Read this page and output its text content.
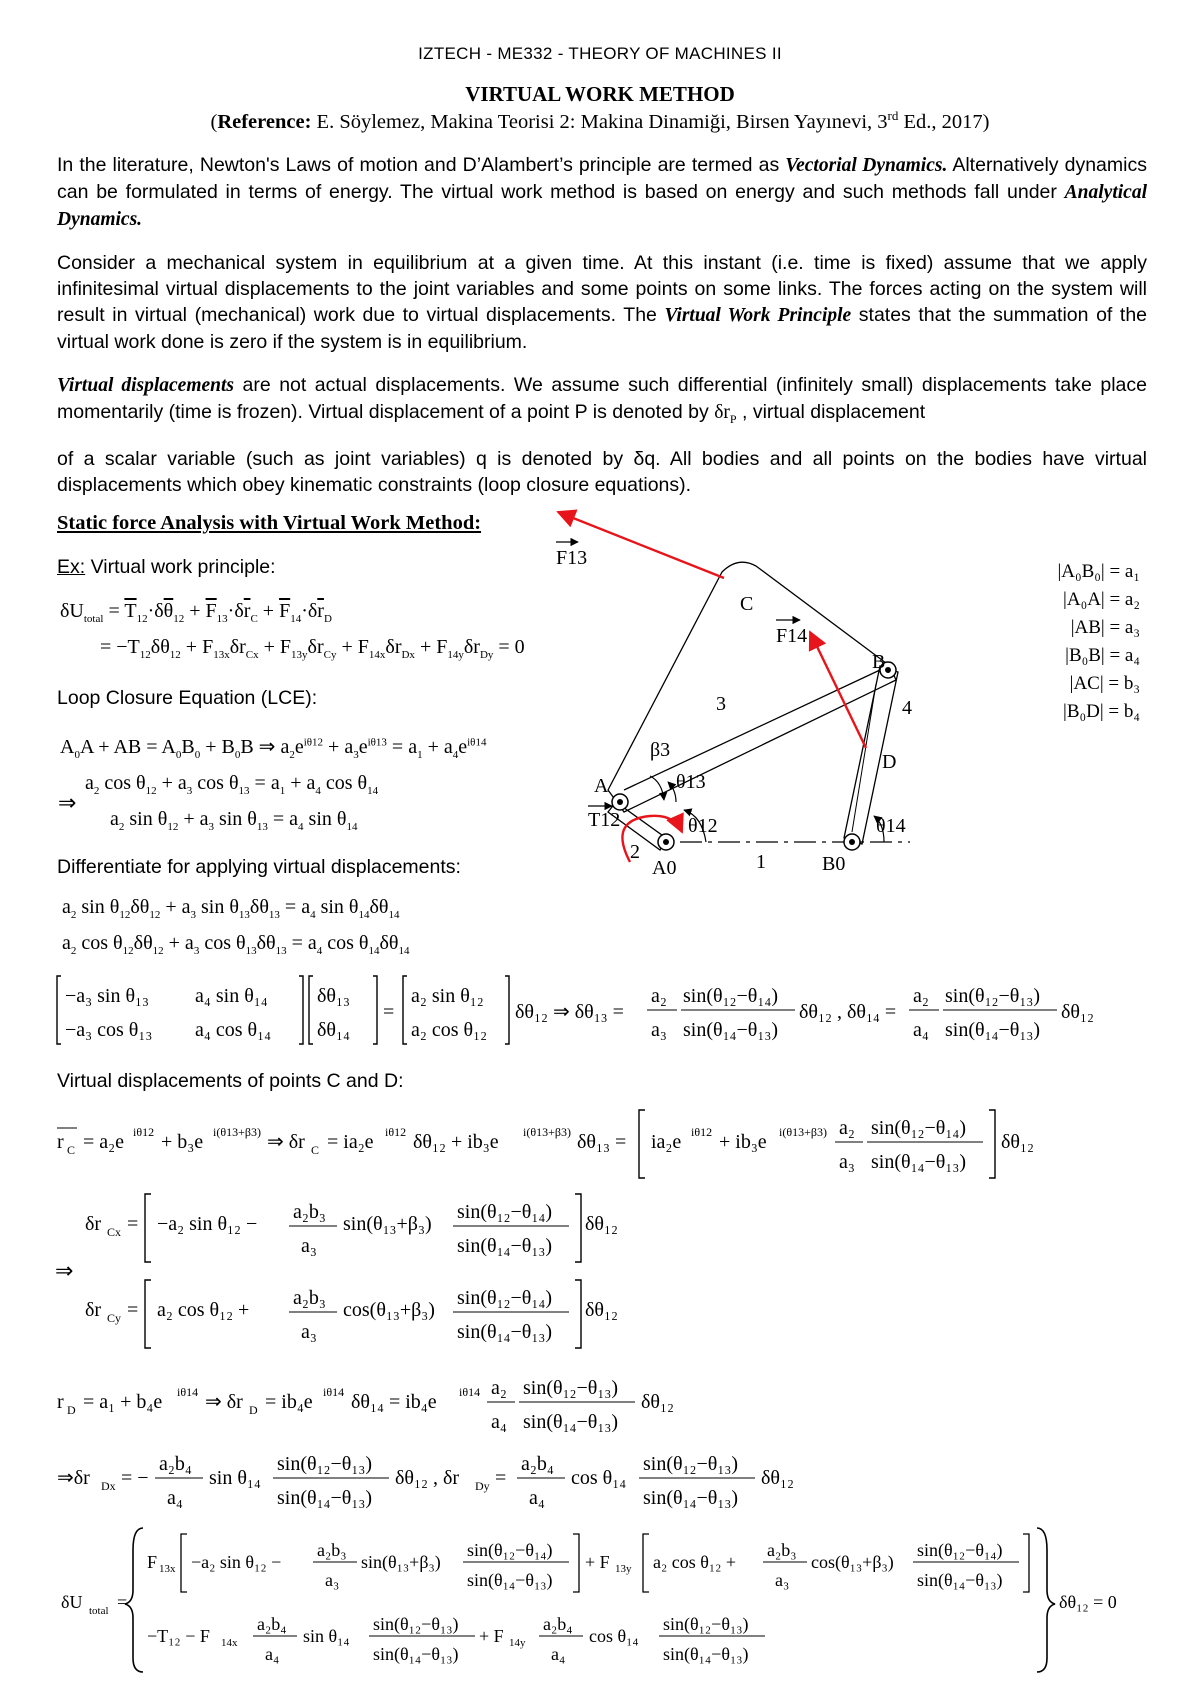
IZTECH - ME332 - THEORY OF MACHINES II
VIRTUAL WORK METHOD
(Reference: E. Söylemez, Makina Teorisi 2: Makina Dinamiği, Birsen Yayınevi, 3rd Ed., 2017)

In the literature, Newton's Laws of motion and D’Alambert’s principle are termed as Vectorial Dynamics. Alternatively dynamics can be formulated in terms of energy. The virtual work method is based on energy and such methods fall under Analytical Dynamics.

Consider a mechanical system in equilibrium at a given time. At this instant (i.e. time is fixed) assume that we apply infinitesimal virtual displacements to the joint variables and some points on some links. The forces acting on the system will result in virtual (mechanical) work due to virtual displacements. The Virtual Work Principle states that the summation of the virtual work done is zero if the system is in equilibrium.

Virtual displacements are not actual displacements. We assume such differential (infinitely small) displacements take place momentarily (time is frozen). Virtual displacement of a point P is denoted by $\delta r_P$ , virtual displacement

of a scalar variable (such as joint variables) q is denoted by δq. All bodies and all points on the bodies have virtual displacements which obey kinematic constraints (loop closure equations).

Static force Analysis with Virtual Work Method:
Ex: Virtual work principle:
$\delta U_{total} = \overline{T}_{12}\cdot\delta\overline{\theta}_{12} + \overline{F}_{13}\cdot\delta\overline{r}_C + \overline{F}_{14}\cdot\delta\overline{r}_D$
= $-T_{12}\delta\theta_{12} + F_{13x}\delta r_{Cx} + F_{13y}\delta r_{Cy} + F_{14x}\delta r_{Dx} + F_{14y}\delta r_{Dy} = 0$
Loop Closure Equation (LCE):
$A_0A$ + AB = $A_0B_0 + B_0B$ ⇒ $a_2e^{i\theta 12} + a_3e^{i\theta 13} = a_1 + a_4e^{i\theta 14}$
$a_2$ $\cos \theta_{12} + a_3$ $\cos \theta_{13} = a_1 + a_4$ $\cos \theta_{14}$
⇒
$a_2$ $\sin \theta_{12} + a_3$ $\sin \theta_{13} = a_4$ $\sin \theta_{14}$
Differentiate for applying virtual displacements:
$a_2$ $\sin \theta_{12}\delta\theta_{12} + a_3$ $\sin \theta_{13}\delta\theta_{13} = a_4$ $\sin \theta_{14}\delta\theta_{14}$
$a_2$ $\cos \theta_{12}\delta\theta_{12} + a_3$ $\cos \theta_{13}\delta\theta_{13} = a_4$ $\cos \theta_{14}\delta\theta_{14}$
−a₃ sin θ₁₃ a₄ sin θ₁₄
−a₃ cos θ₁₃ a₄ cos θ₁₄
δθ₁₃
δθ₁₄
=
a₂ sin θ₁₂
a₂ cos θ₁₂
δθ₁₂ ⇒ δθ₁₃ =
a₂
a₃
sin(θ₁₂−θ₁₄)
sin(θ₁₄−θ₁₃)
δθ₁₂ , δθ₁₄ =
a₂
a₄
sin(θ₁₂−θ₁₃)
sin(θ₁₄−θ₁₃)
δθ₁₂
Virtual displacements of points C and D:
r C = a₂e iθ12 + b₃e i(θ13+β3) ⇒ δr C = ia₂e iθ12 δθ₁₂ + ib₃e i(θ13+β3) δθ₁₃ = ia₂e iθ12 + ib₃e i(θ13+β3) a₂
a₃
sin(θ₁₂−θ₁₄)
sin(θ₁₄−θ₁₃)
δθ₁₂
δr Cx = −a₂ sin θ₁₂ −
a₂b₃
a₃
sin(θ₁₃+β₃)
sin(θ₁₂−θ₁₄)
sin(θ₁₄−θ₁₃)
δθ₁₂
⇒
δr Cy = a₂ cos θ₁₂ +
a₂b₃
a₃
cos(θ₁₃+β₃)
sin(θ₁₂−θ₁₄)
sin(θ₁₄−θ₁₃)
δθ₁₂
r D = a₁ + b₄e iθ14 ⇒ δr D = ib₄e iθ14 δθ₁₄ = ib₄e iθ14 a₂
a₄
sin(θ₁₂−θ₁₃)
sin(θ₁₄−θ₁₃)
δθ₁₂
⇒δr Dx = −
a₂b₄
a₄
sin θ₁₄
sin(θ₁₂−θ₁₃)
sin(θ₁₄−θ₁₃)
δθ₁₂ , δr Dy =
a₂b₄
a₄
cos θ₁₄
sin(θ₁₂−θ₁₃)
sin(θ₁₄−θ₁₃)
δθ₁₂
δU total =
F 13x −a₂ sin θ₁₂ −
a₂b₃
a₃
sin(θ₁₃+β₃)
sin(θ₁₂−θ₁₄)
sin(θ₁₄−θ₁₃)
+ F 13y a₂ cos θ₁₂ +
a₂b₃
a₃
cos(θ₁₃+β₃)
sin(θ₁₂−θ₁₄)
sin(θ₁₄−θ₁₃)
−T₁₂ − F 14x
a₂b₄
a₄
sin θ₁₄
sin(θ₁₂−θ₁₃)
sin(θ₁₄−θ₁₃)
+ F 14y
a₂b₄
a₄
cos θ₁₄
sin(θ₁₂−θ₁₃)
sin(θ₁₄−θ₁₃)
δθ₁₂ = 0
|A₀B₀| = a₁
|A₀A| = a₂
|AB| = a₃
|B₀B| = a₄
|AC| = b₃
|B₀D| = b₄
F13
C
F14
B
3	4
β3
D
A	θ13
T12	θ12	θ14
2
A0	1	B0
